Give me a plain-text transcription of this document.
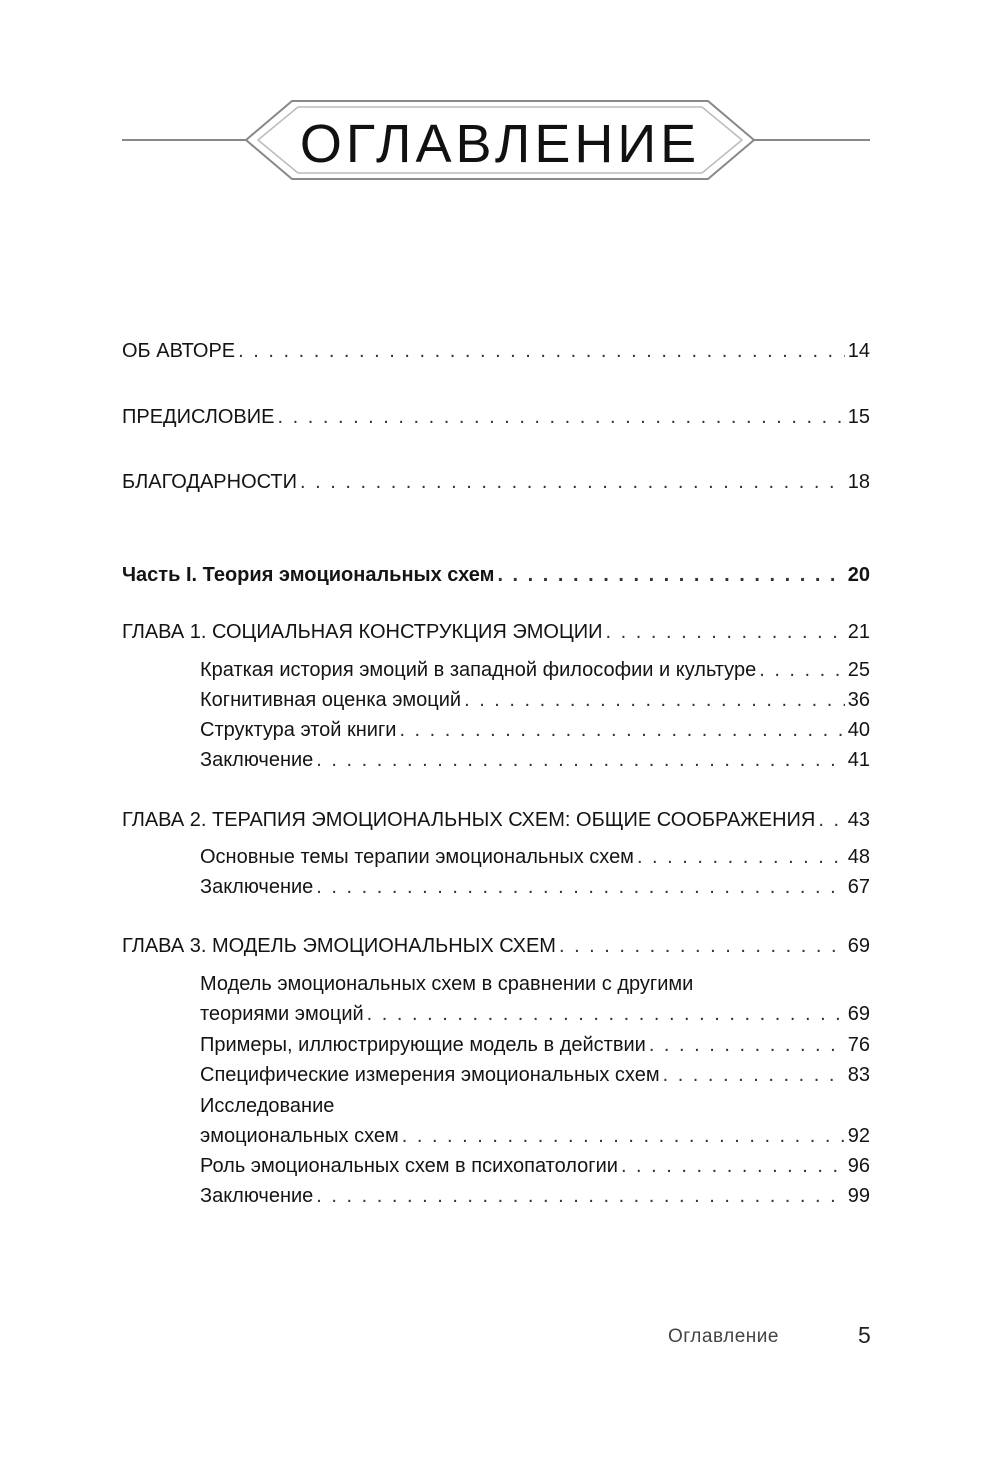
ОГЛАВЛЕНИЕ
ОБ АВТОРЕ . . .	14
ПРЕДИСЛОВИЕ . . .	15
БЛАГОДАРНОСТИ . . .	18
Часть I. Теория эмоциональных схем . . .	20
ГЛАВА 1. СОЦИАЛЬНАЯ КОНСТРУКЦИЯ ЭМОЦИИ . . .	21
Краткая история эмоций в западной философии и культуре . . .	25
Когнитивная оценка эмоций . . .	36
Структура этой книги . . .	40
Заключение . . .	41
ГЛАВА 2. ТЕРАПИЯ ЭМОЦИОНАЛЬНЫХ СХЕМ: ОБЩИЕ СООБРАЖЕНИЯ . . . 43
Основные темы терапии эмоциональных схем . . .	48
Заключение . . .	67
ГЛАВА 3. МОДЕЛЬ ЭМОЦИОНАЛЬНЫХ СХЕМ . . .	69
Модель эмоциональных схем в сравнении с другими
теориями эмоций . . .	69
Примеры, иллюстрирующие модель в действии . . .	76
Специфические измерения эмоциональных схем . . .	83
Исследование
эмоциональных схем . . .	92
Роль эмоциональных схем в психопатологии . . .	96
Заключение . . .	99
Оглавление	5
